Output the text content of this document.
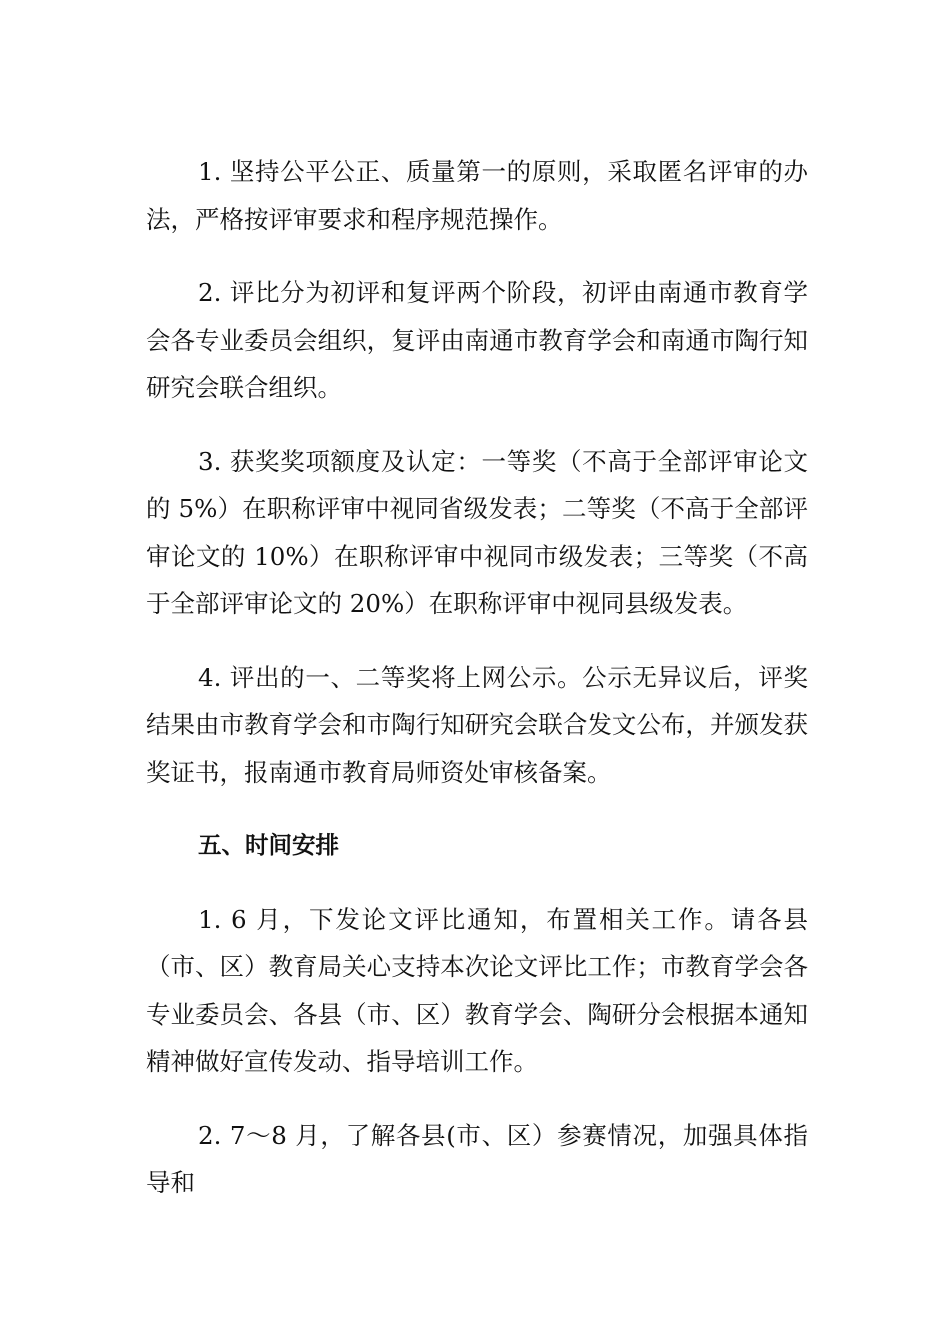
1. 坚持公平公正、质量第一的原则，采取匿名评审的办法，严格按评审要求和程序规范操作。

2. 评比分为初评和复评两个阶段，初评由南通市教育学会各专业委员会组织，复评由南通市教育学会和南通市陶行知研究会联合组织。

3. 获奖奖项额度及认定：一等奖（不高于全部评审论文的 5%）在职称评审中视同省级发表；二等奖（不高于全部评审论文的 10%）在职称评审中视同市级发表；三等奖（不高于全部评审论文的 20%）在职称评审中视同县级发表。

4. 评出的一、二等奖将上网公示。公示无异议后，评奖结果由市教育学会和市陶行知研究会联合发文公布，并颁发获奖证书，报南通市教育局师资处审核备案。

五、时间安排

1. 6 月，下发论文评比通知，布置相关工作。请各县（市、区）教育局关心支持本次论文评比工作；市教育学会各专业委员会、各县（市、区）教育学会、陶研分会根据本通知精神做好宣传发动、指导培训工作。

2. 7～8 月，了解各县(市、区）参赛情况，加强具体指导和
